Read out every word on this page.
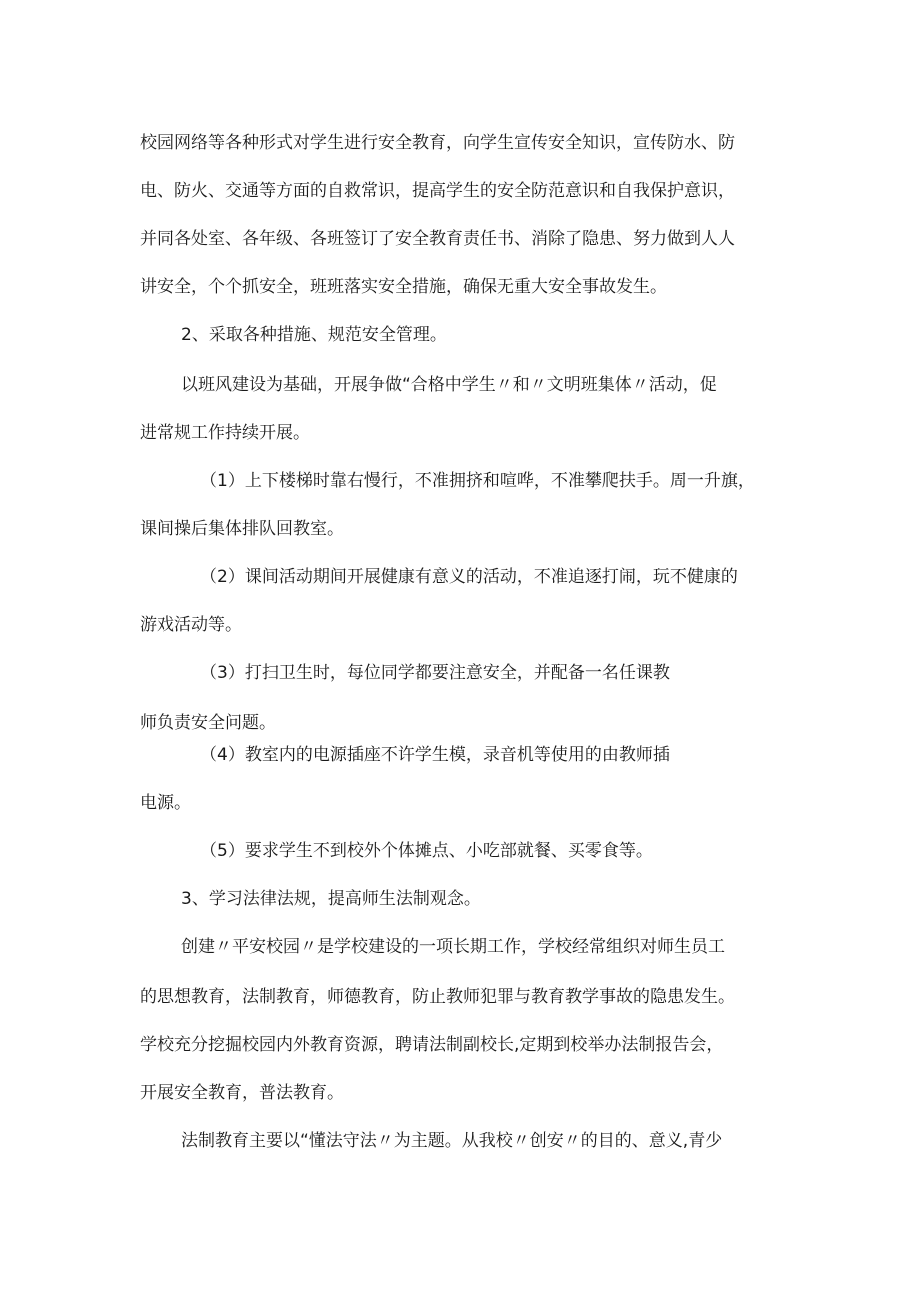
校园网络等各种形式对学生进行安全教育，向学生宣传安全知识，宣传防水、防

电、防火、交通等方面的自救常识，提高学生的安全防范意识和自我保护意识，

并同各处室、各年级、各班签订了安全教育责任书、消除了隐患、努力做到人人

讲安全，个个抓安全，班班落实安全措施，确保无重大安全事故发生。

2、采取各种措施、规范安全管理。

以班风建设为基础，开展争做“合格中学生〃和〃文明班集体〃活动，促

进常规工作持续开展。

（1）上下楼梯时靠右慢行，不准拥挤和喧哗，不准攀爬扶手。周一升旗，

课间操后集体排队回教室。

（2）课间活动期间开展健康有意义的活动，不准追逐打闹，玩不健康的

游戏活动等。

（3）打扫卫生时，每位同学都要注意安全，并配备一名任课教

师负责安全问题。

（4）教室内的电源插座不许学生模，录音机等使用的由教师插

电源。

（5）要求学生不到校外个体摊点、小吃部就餐、买零食等。

3、学习法律法规，提高师生法制观念。

创建〃平安校园〃是学校建设的一项长期工作，学校经常组织对师生员工

的思想教育，法制教育，师德教育，防止教师犯罪与教育教学事故的隐患发生。

学校充分挖掘校园内外教育资源，聘请法制副校长,定期到校举办法制报告会，

开展安全教育，普法教育。

法制教育主要以“懂法守法〃为主题。从我校〃创安〃的目的、意义,青少
